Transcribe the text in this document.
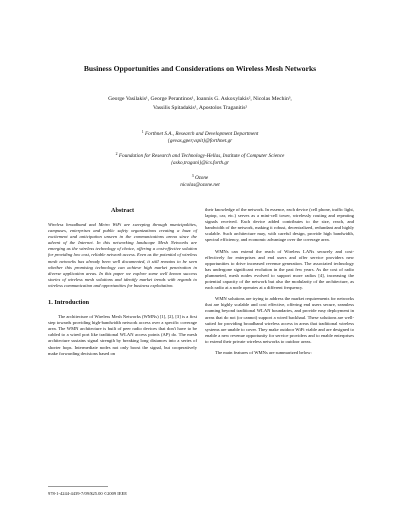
Business Opportunities and Considerations on Wireless Mesh Networks
George Vasilakis¹, George Perantinos¹, Ioannis G. Askoxylakis², Nicolas Mechin³, Vassilis Spitadakis¹, Apostolos Traganitis²
$^1$ Forthnet S.A., Research and Development Department
{gevas,gper,vspit}@forthnet.gr
$^2$ Foundation for Research and Technology-Hellas, Institute of Computer Science
{asko,tragani}@ics.forth.gr
$^3$ Ozone
nicolas@ozone.net
Abstract

Wireless broadband and Metro WiFi are sweeping through municipalities, campuses, enterprises and public safety organizations creating a buzz of excitement and anticipation unseen in the communications arena since the advent of the Internet. In this networking landscape Mesh Networks are emerging as the wireless technology of choice, offering a cost-effective solution for providing low cost, reliable network access. Even as the potential of wireless mesh networks has already been well documented, it still remains to be seen whether this promising technology can achieve high market penetration in diverse application areas. In this paper we explore some well known success stories of wireless mesh solutions and identify market trends with regards to wireless communication and opportunities for business exploitation.

1. Introduction

The architecture of Wireless Mesh Networks (WMNs) [1], [2], [3] is a first step towards providing high-bandwidth network access over a specific coverage area. The WMN architecture is built of peer radio devices that don't have to be cabled to a wired port like traditional WLAN access points (AP) do. The mesh architecture sustains signal strength by breaking long distances into a series of shorter hops. Intermediate nodes not only boost the signal, but cooperatively make forwarding decisions based on

their knowledge of the network. In essence, each device (cell phone, traffic light, laptop, car, etc.) serves as a mini-cell tower, wirelessly routing and repeating signals received. Each device added contributes to the size, reach, and bandwidth of the network, making it robust, decentralized, redundant and highly scalable. Such architecture may, with careful design, provide high bandwidth, spectral efficiency, and economic advantage over the coverage area.

WMNs can extend the reach of Wireless LANs securely and cost-effectively for enterprises and end users and offer service providers new opportunities to drive increased revenue generation. The associated technology has undergone significant evolution in the past few years. As the cost of radio plummeted, mesh nodes evolved to support more radios [4], increasing the potential capacity of the network but also the modularity of the architecture, as each radio at a node operates at a different frequency.

WMN solutions are trying to address the market requirements for networks that are highly scalable and cost effective, offering end users secure, seamless roaming beyond traditional WLAN boundaries, and provide easy deployment in areas that do not (or cannot) support a wired backhaul. These solutions are well-suited for providing broadband wireless access in areas that traditional wireless systems are unable to cover. They make outdoor WiFi viable and are designed to enable a new revenue opportunity for service providers and to enable enterprises to extend their private wireless networks to outdoor areas.

The main features of WMNs are summarized below:

978-1-4244-4439-7/09/$25.00 ©2009 IEEE
